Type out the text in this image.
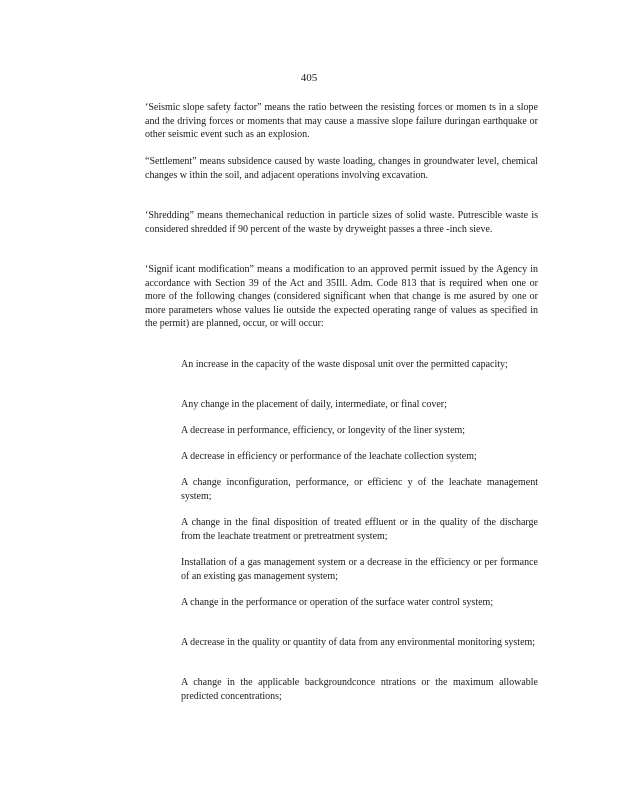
405

‘Seismic slope safety factor” means the ratio between the resisting forces or momen ts in a slope and the driving forces or moments that may cause a massive slope failure duringan earthquake or other seismic event such as an explosion.

“Settlement” means subsidence caused by waste loading, changes in groundwater level, chemical changes w ithin the soil, and adjacent operations involving excavation.

‘Shredding” means themechanical reduction in particle sizes of solid waste. Putrescible waste is considered shredded if 90 percent of the waste by dryweight passes a three -inch sieve.

‘Signif icant modification” means a modification to an approved permit issued by the Agency in accordance with Section 39 of the Act and 35Ill. Adm. Code 813 that is required when one or more of the following changes (considered significant when that change is me asured by one or more parameters whose values lie outside the expected operating range of values as specified in the permit) are planned, occur, or will occur:

An increase in the capacity of the waste disposal unit over the permitted capacity;

Any change in the placement of daily, intermediate, or final cover;

A decrease in performance, efficiency, or longevity of the liner system;

A decrease in efficiency or performance of the leachate collection system;

A change inconfiguration, performance, or efficienc y of the leachate management system;

A change in the final disposition of treated effluent or in the quality of the discharge from the leachate treatment or pretreatment system;

Installation of a gas management system or a decrease in the efficiency or per formance of an existing gas management system;

A change in the performance or operation of the surface water control system;

A decrease in the quality or quantity of data from any environmental monitoring system;

A change in the applicable backgroundconce ntrations or the maximum allowable predicted concentrations;
